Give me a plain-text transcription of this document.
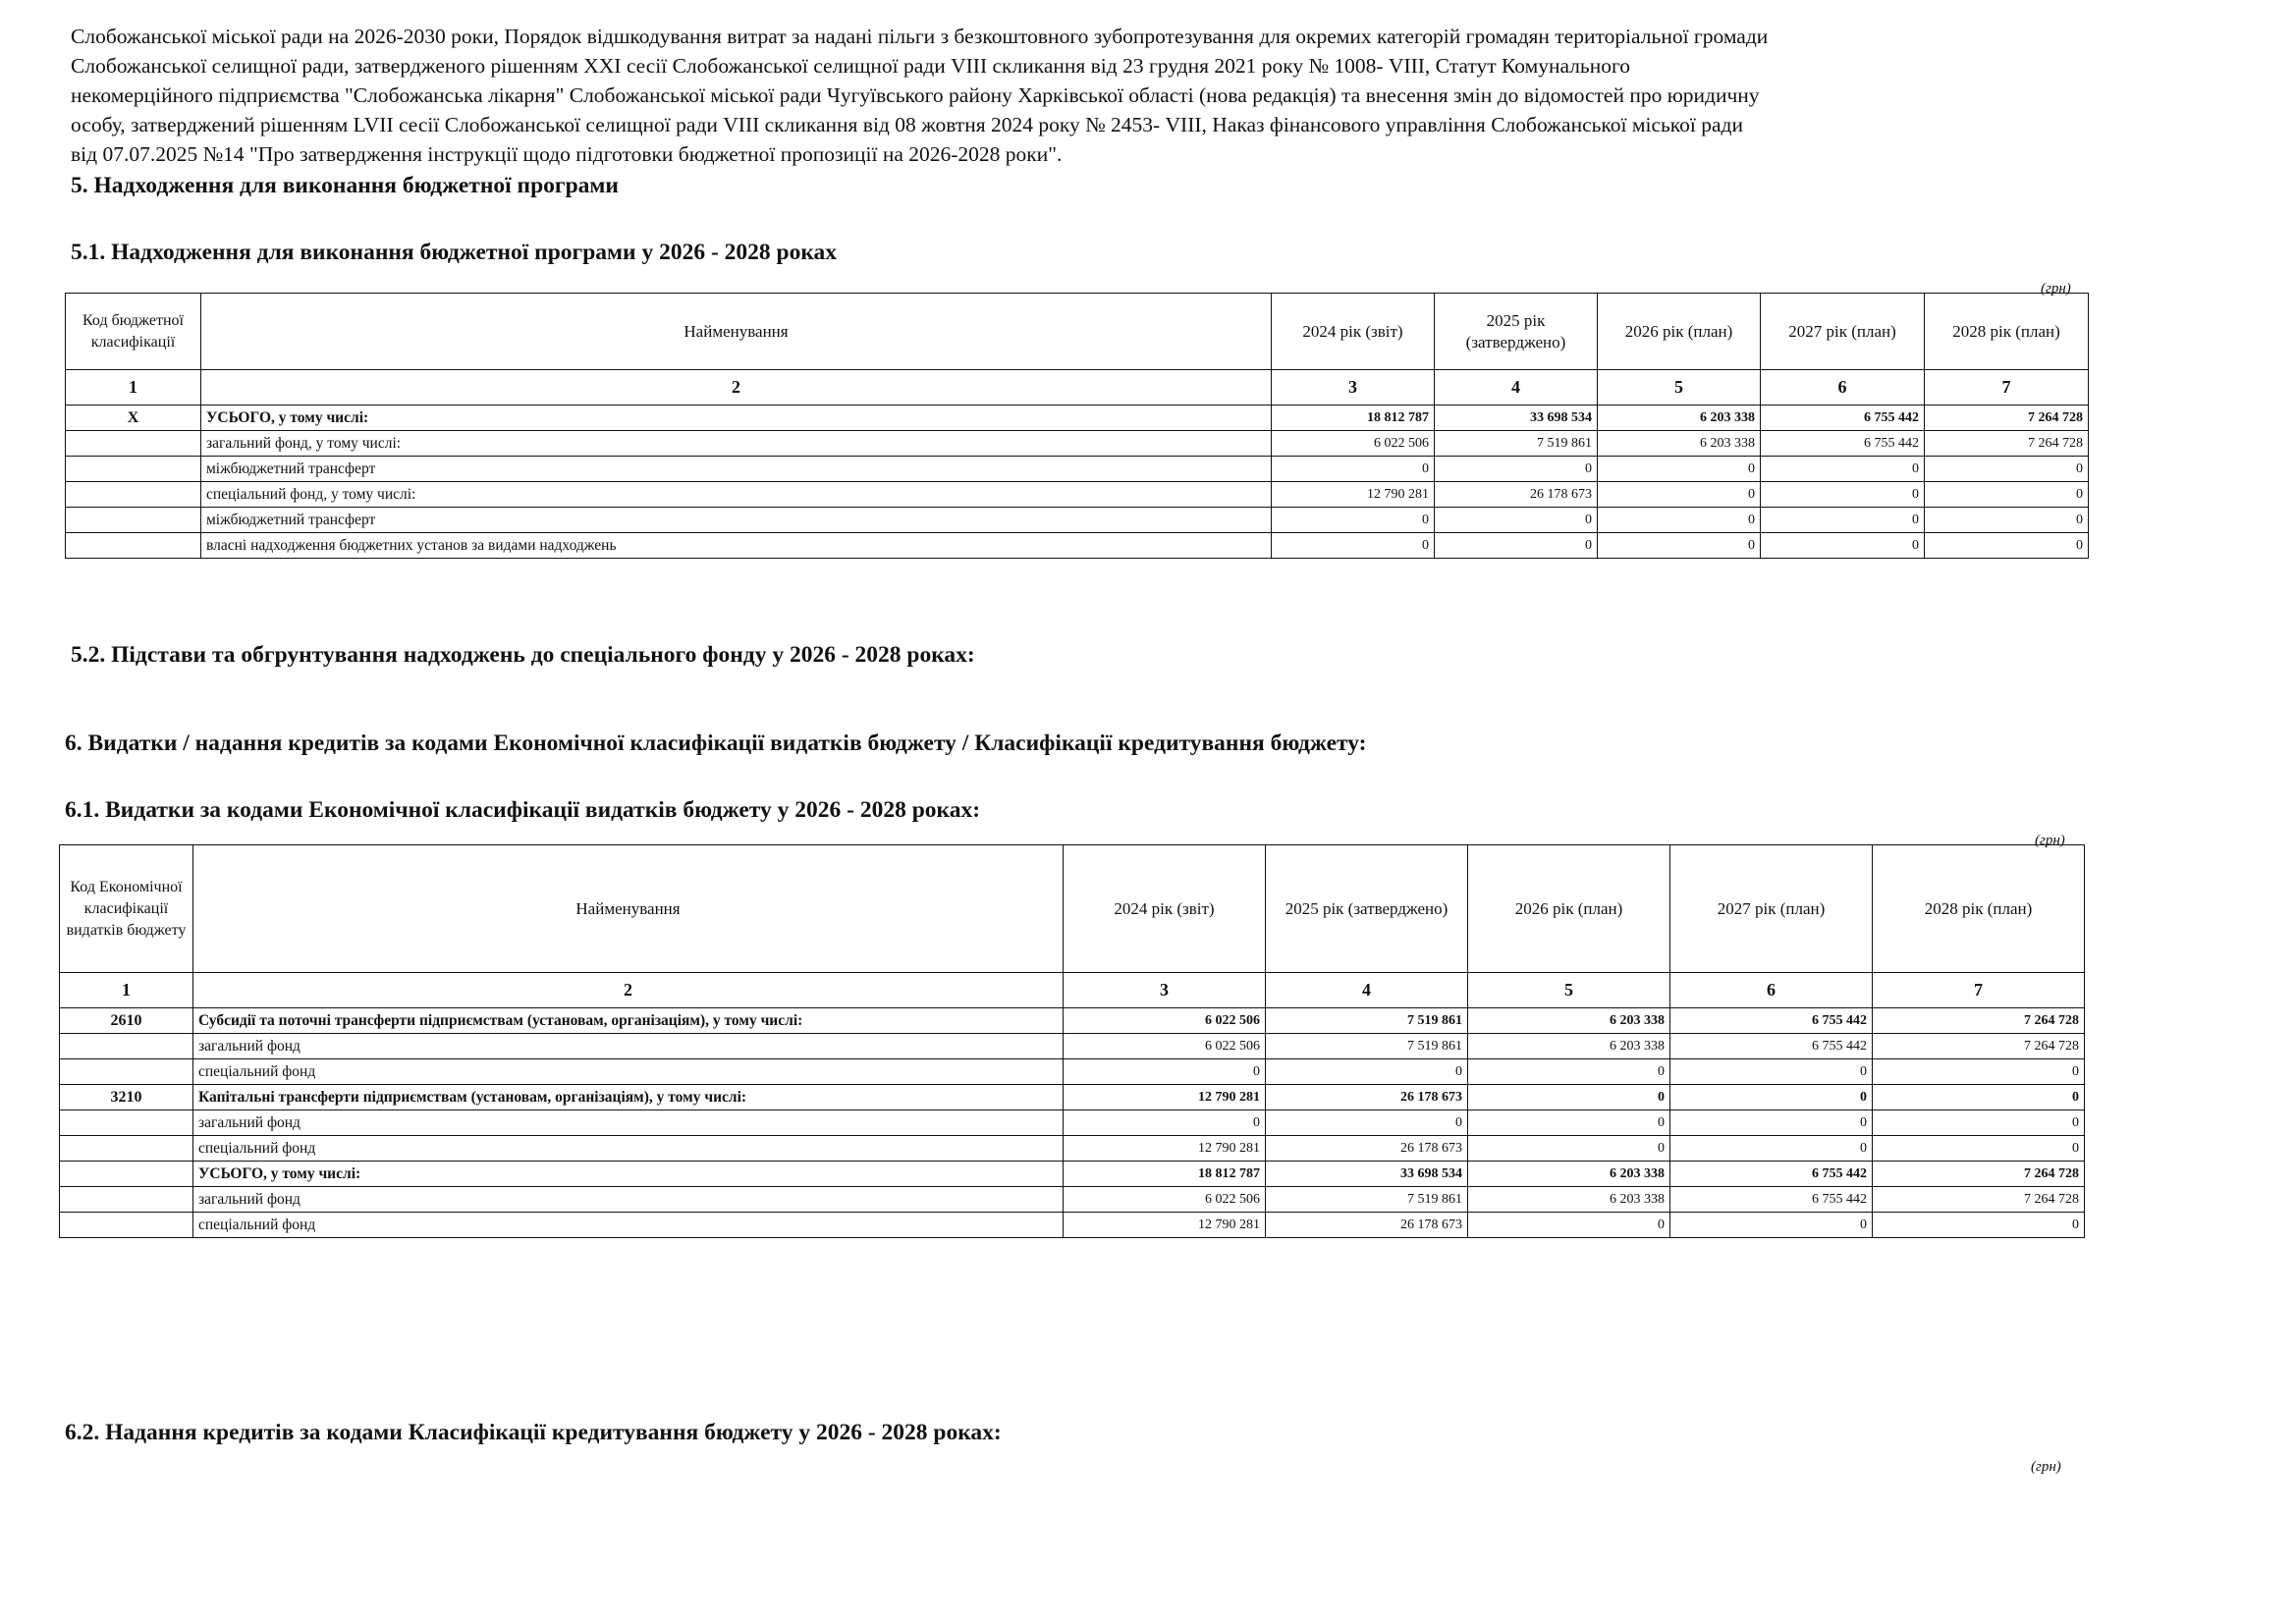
Слобожанської міської ради на 2026-2030 роки, Порядок відшкодування витрат за надані пільги з безкоштовного зубопротезування для окремих категорій громадян територіальної громади

Слобожанської селищної ради, затвердженого рішенням ХХІ сесії Слобожанської селищної ради VIII скликання від 23 грудня 2021 року № 1008- VIII, Статут Комунального

некомерційного підприємства "Слобожанська лікарня" Слобожанської міської ради Чугуївського району Харківської області (нова редакція) та внесення змін до відомостей про юридичну

особу, затверджений рішенням LVII сесії Слобожанської селищної ради VIII скликання від 08 жовтня 2024 року № 2453- VIII, Наказ фінансового управління Слобожанської міської ради

від 07.07.2025 №14 "Про затвердження інструкції щодо підготовки бюджетної пропозиції на 2026-2028 роки".

5. Надходження для виконання бюджетної програми
5.1. Надходження для виконання бюджетної програми у 2026 - 2028 роках
(грн)
Код бюджетної класифікації	Найменування	2024 рік (звіт)	2025 рік (затверджено)	2026 рік (план)	2027 рік (план)	2028 рік (план)
1	2	3	4	5	6	7
Х	УСЬОГО, у тому числі:	18 812 787	33 698 534	6 203 338	6 755 442	7 264 728
	загальний фонд, у тому числі:	6 022 506	7 519 861	6 203 338	6 755 442	7 264 728
	міжбюджетний трансферт	0	0	0	0	0
	спеціальний фонд, у тому числі:	12 790 281	26 178 673	0	0	0
	міжбюджетний трансферт	0	0	0	0	0
	власні надходження бюджетних установ за видами надходжень	0	0	0	0	0
5.2. Підстави та обгрунтування надходжень до спеціального фонду у 2026 - 2028 роках:
6. Видатки / надання кредитів за кодами Економічної класифікації видатків бюджету / Класифікації кредитування бюджету:
6.1. Видатки за кодами Економічної класифікації видатків бюджету у 2026 - 2028 роках:
(грн)
Код Економічної класифікації видатків бюджету	Найменування	2024 рік (звіт)	2025 рік (затверджено)	2026 рік (план)	2027 рік (план)	2028 рік (план)
1	2	3	4	5	6	7
2610	Субсидії та поточні трансферти підприємствам (установам, організаціям), у тому числі:	6 022 506	7 519 861	6 203 338	6 755 442	7 264 728
	загальний фонд	6 022 506	7 519 861	6 203 338	6 755 442	7 264 728
	спеціальний фонд	0	0	0	0	0
3210	Капітальні трансферти підприємствам (установам, організаціям), у тому числі:	12 790 281	26 178 673	0	0	0
	загальний фонд	0	0	0	0	0
	спеціальний фонд	12 790 281	26 178 673	0	0	0
	УСЬОГО, у тому числі:	18 812 787	33 698 534	6 203 338	6 755 442	7 264 728
	загальний фонд	6 022 506	7 519 861	6 203 338	6 755 442	7 264 728
	спеціальний фонд	12 790 281	26 178 673	0	0	0
6.2. Надання кредитів за кодами Класифікації кредитування бюджету у 2026 - 2028 роках:
(грн)
